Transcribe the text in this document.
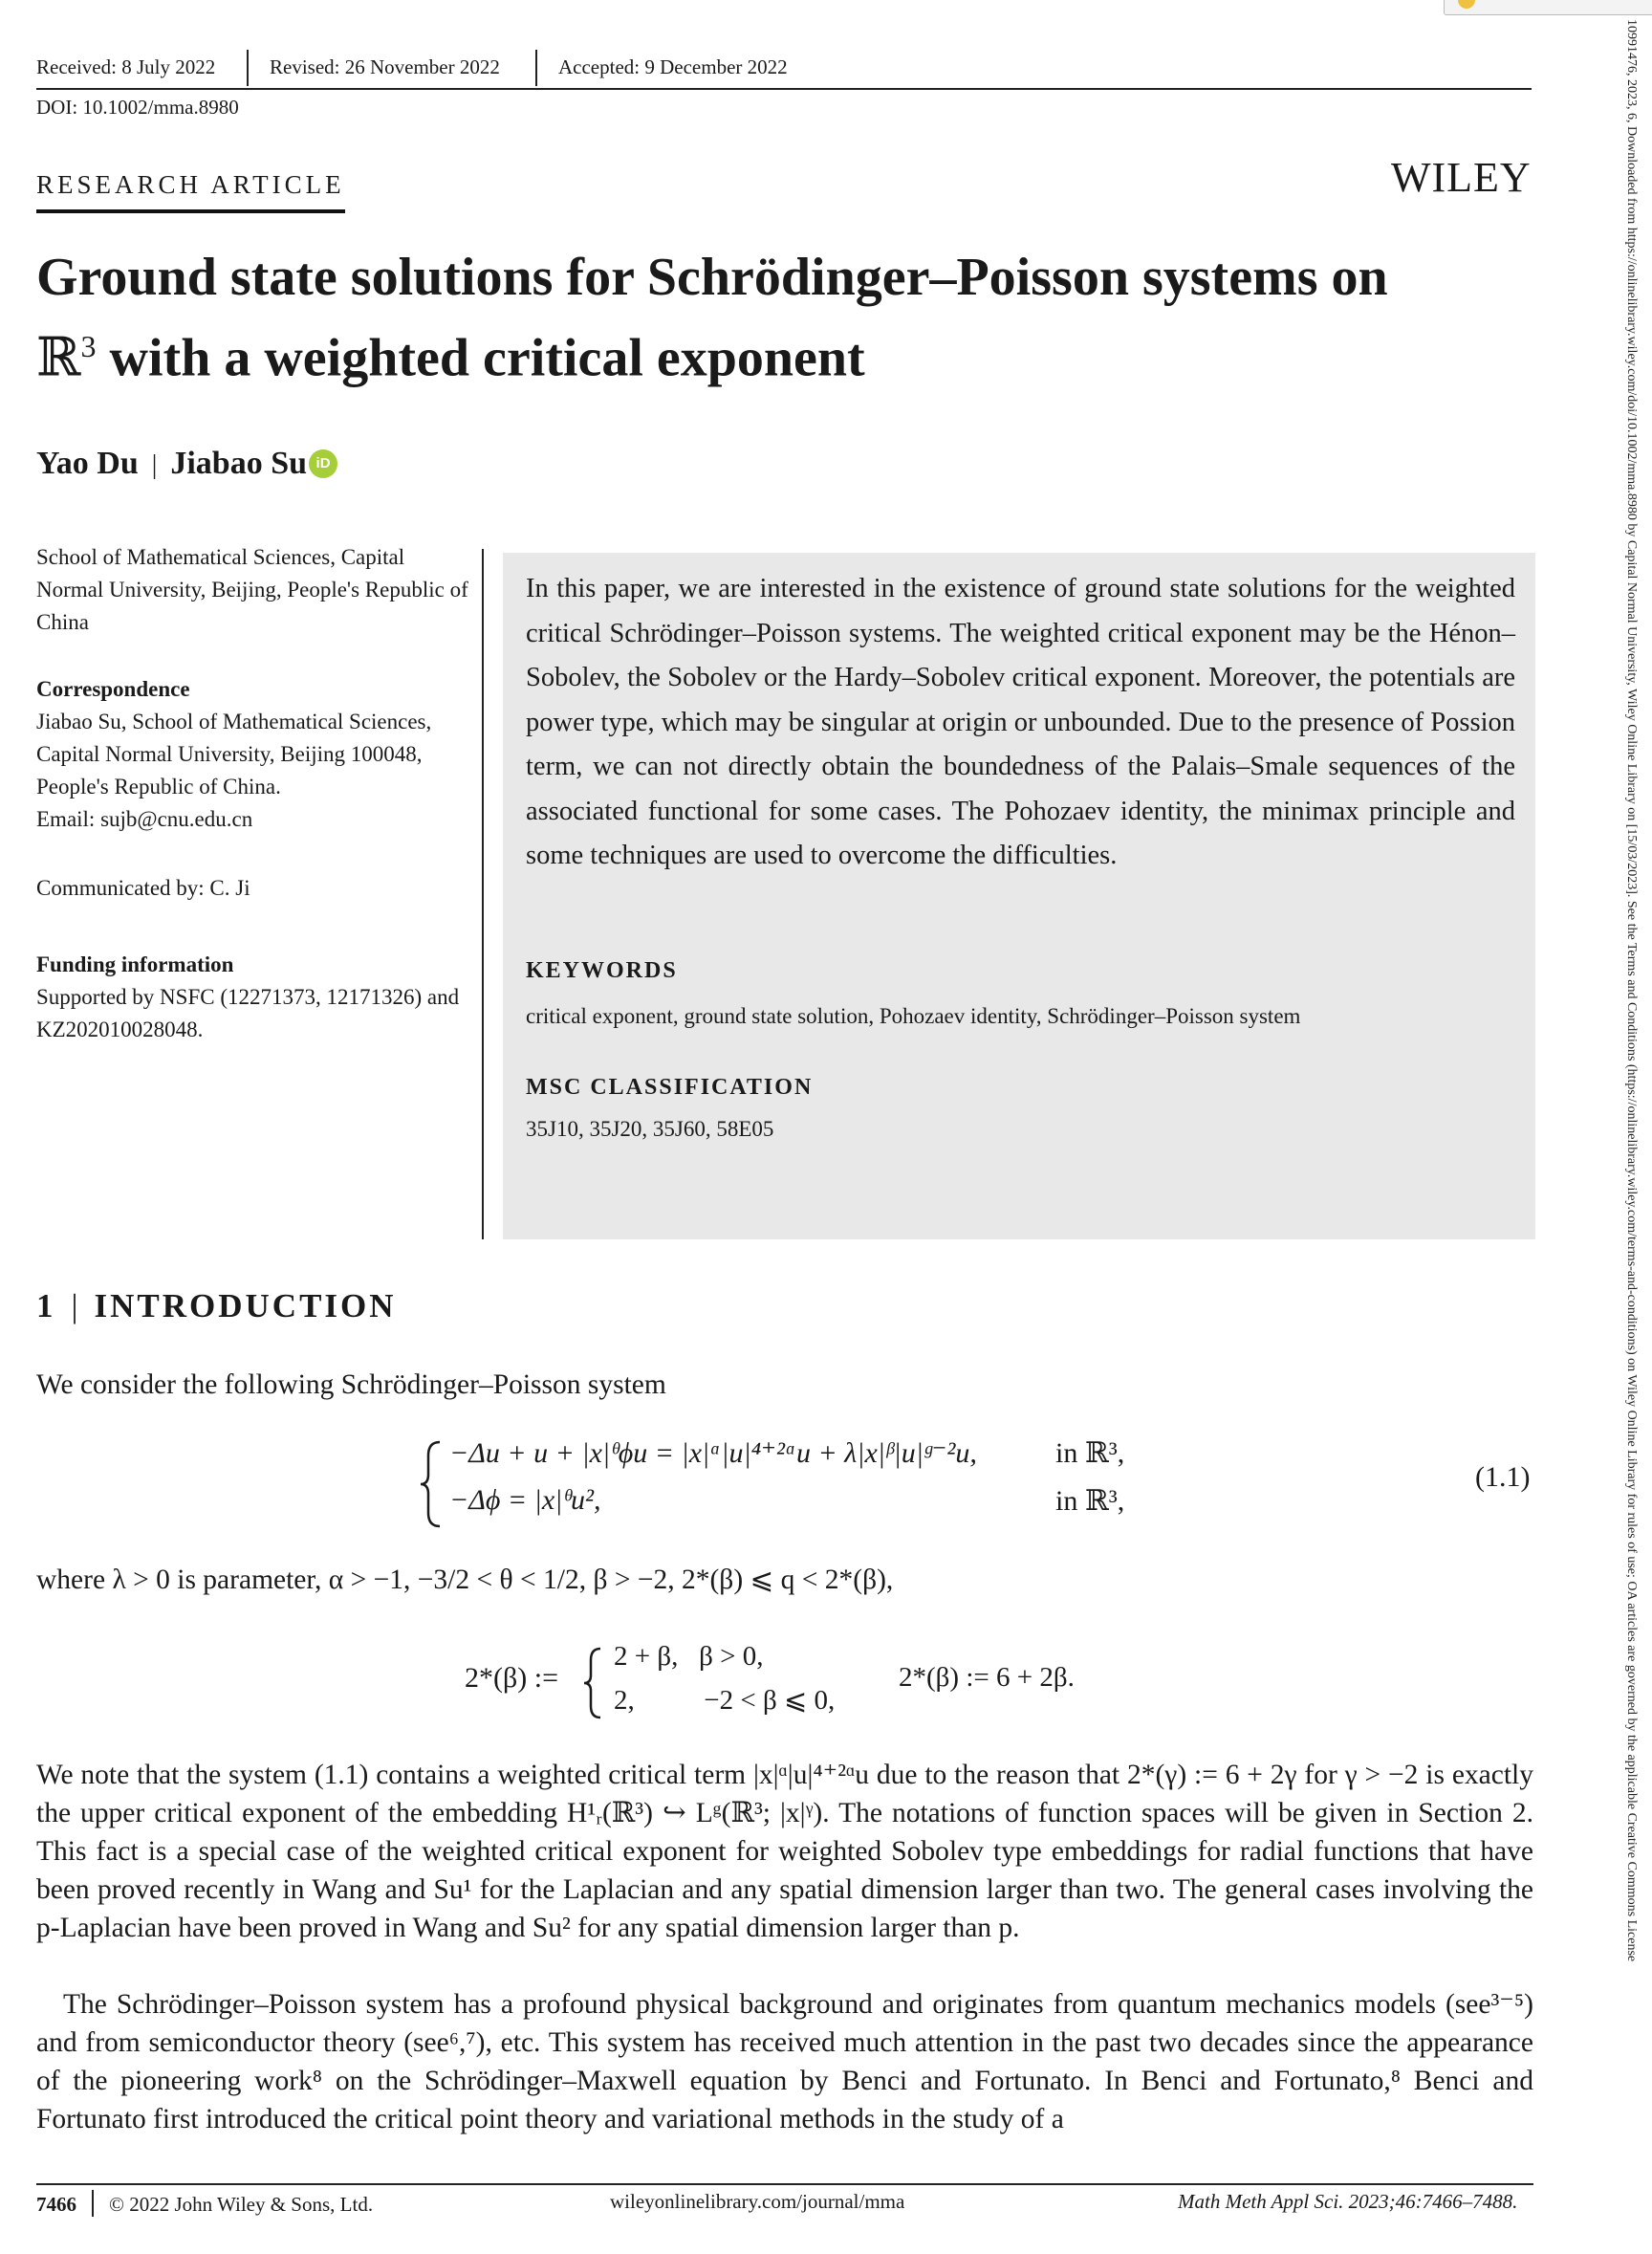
Received: 8 July 2022	Revised: 26 November 2022	Accepted: 9 December 2022
DOI: 10.1002/mma.8980
RESEARCH ARTICLE	WILEY
Ground state solutions for Schrödinger–Poisson systems on
ℝ$^3$ with a weighted critical exponent
Yao Du | Jiabao Su iD
School of Mathematical Sciences, Capital Normal University, Beijing, People's Republic of China
Correspondence
Jiabao Su, School of Mathematical Sciences, Capital Normal University, Beijing 100048, People's Republic of China.
Email: sujb@cnu.edu.cn
Communicated by: C. Ji
Funding information
Supported by NSFC (12271373, 12171326) and KZ202010028048.
In this paper, we are interested in the existence of ground state solutions for the weighted critical Schrödinger–Poisson systems. The weighted critical exponent may be the Hénon–Sobolev, the Sobolev or the Hardy–Sobolev critical exponent. Moreover, the potentials are power type, which may be singular at origin or unbounded. Due to the presence of Possion term, we can not directly obtain the boundedness of the Palais–Smale sequences of the associated functional for some cases. The Pohozaev identity, the minimax principle and some techniques are used to overcome the difficulties.
KEYWORDS
critical exponent, ground state solution, Pohozaev identity, Schrödinger–Poisson system
MSC CLASSIFICATION
35J10, 35J20, 35J60, 58E05
1 | INTRODUCTION
We consider the following Schrödinger–Poisson system
−Δu + u + |x|ᶿϕu = |x|ᵅ|u|⁴⁺²ᵅu + λ|x|ᵝ|u|ᵍ⁻²u,
−Δϕ = |x|ᶿu²,
in ℝ³,
in ℝ³,
(1.1)
where λ > 0 is parameter, α > −1, −3/2 < θ < 1/2, β > −2, 2*(β) ⩽ q < 2*(β),
2*(β) :=
2 + β,   β > 0,
2,          −2 < β ⩽ 0,
2*(β) := 6 + 2β.
We note that the system (1.1) contains a weighted critical term |x|ᵅ|u|⁴⁺²ᵅu due to the reason that 2*(γ) := 6 + 2γ for γ > −2 is exactly the upper critical exponent of the embedding H¹ᵣ(ℝ³) ↪ Lᵍ(ℝ³; |x|ᵞ). The notations of function spaces will be given in Section 2. This fact is a special case of the weighted critical exponent for weighted Sobolev type embeddings for radial functions that have been proved recently in Wang and Su¹ for the Laplacian and any spatial dimension larger than two. The general cases involving the p-Laplacian have been proved in Wang and Su² for any spatial dimension larger than p.
The Schrödinger–Poisson system has a profound physical background and originates from quantum mechanics models (see³⁻⁵) and from semiconductor theory (see⁶,⁷), etc. This system has received much attention in the past two decades since the appearance of the pioneering work⁸ on the Schrödinger–Maxwell equation by Benci and Fortunato. In Benci and Fortunato,⁸ Benci and Fortunato first introduced the critical point theory and variational methods in the study of a
7466 © 2022 John Wiley & Sons, Ltd.	wileyonlinelibrary.com/journal/mma	Math Meth Appl Sci. 2023;46:7466–7488.
10991476, 2023, 6, Downloaded from https://onlinelibrary.wiley.com/doi/10.1002/mma.8980 by Capital Normal University, Wiley Online Library on [15/03/2023]. See the Terms and Conditions (https://onlinelibrary.wiley.com/terms-and-conditions) on Wiley Online Library for rules of use; OA articles are governed by the applicable Creative Commons License
